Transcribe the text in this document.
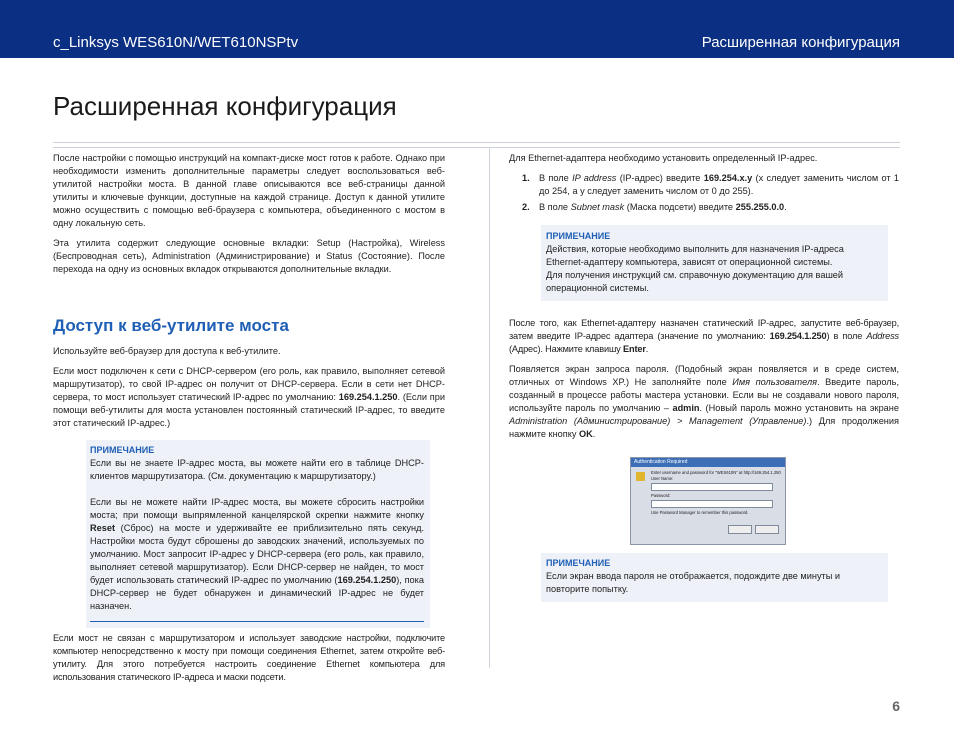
c_Linksys WES610N/WET610NSPtv	Расширенная конфигурация
Расширенная конфигурация

После настройки с помощью инструкций на компакт-диске мост готов к работе. Однако при необходимости изменить дополнительные параметры следует воспользоваться веб-утилитой настройки моста. В данной главе описываются все веб-страницы данной утилиты и ключевые функции, доступные на каждой странице. Доступ к данной утилите можно осуществить с помощью веб-браузера с компьютера, объединенного с мостом в одну локальную сеть.

Эта утилита содержит следующие основные вкладки: Setup (Настройка), Wireless (Беспроводная сеть), Administration (Администрирование) и Status (Состояние). После перехода на одну из основных вкладок открываются дополнительные вкладки.

Доступ к веб-утилите моста

Используйте веб-браузер для доступа к веб-утилите.

Если мост подключен к сети с DHCP-сервером (его роль, как правило, выполняет сетевой маршрутизатор), то свой IP-адрес он получит от DHCP-сервера. Если в сети нет DHCP-сервера, то мост использует статический IP-адрес по умолчанию: 169.254.1.250. (Если при помощи веб-утилиты для моста установлен постоянный статический IP-адрес, то введите этот статический IP-адрес.)

ПРИМЕЧАНИЕ

Если вы не знаете IP-адрес моста, вы можете найти его в таблице DHCP-клиентов маршрутизатора. (См. документацию к маршрутизатору.)

Если вы не можете найти IP-адрес моста, вы можете сбросить настройки моста; при помощи выпрямленной канцелярской скрепки нажмите кнопку Reset (Сброс) на мосте и удерживайте ее приблизительно пять секунд. Настройки моста будут сброшены до заводских значений, используемых по умолчанию. Мост запросит IP-адрес у DHCP-сервера (его роль, как правило, выполняет сетевой маршрутизатор). Если DHCP-сервер не найден, то мост будет использовать статический IP-адрес по умолчанию (169.254.1.250), пока DHCP-сервер не будет обнаружен и динамический IP-адрес не будет назначен.

Если мост не связан с маршрутизатором и использует заводские настройки, подключите компьютер непосредственно к мосту при помощи соединения Ethernet, затем откройте веб-утилиту. Для этого потребуется настроить соединение Ethernet компьютера для использования статического IP-адреса и маски подсети.

Для Ethernet-адаптера необходимо установить определенный IP-адрес.

1. В поле IP address (IP-адрес) введите 169.254.x.y (x следует заменить числом от 1 до 254, а y следует заменить числом от 0 до 255).
2. В поле Subnet mask (Маска подсети) введите 255.255.0.0.
ПРИМЕЧАНИЕ

Действия, которые необходимо выполнить для назначения IP-адреса Ethernet-адаптеру компьютера, зависят от операционной системы.

Для получения инструкций см. справочную документацию для вашей операционной системы.

После того, как Ethernet-адаптеру назначен статический IP-адрес, запустите веб-браузер, затем введите IP-адрес адаптера (значение по умолчанию: 169.254.1.250) в поле Address (Адрес). Нажмите клавишу Enter.

Появляется экран запроса пароля. (Подобный экран появляется и в среде систем, отличных от Windows XP.) Не заполняйте поле Имя пользователя. Введите пароль, созданный в процессе работы мастера установки. Если вы не создавали нового пароля, используйте пароль по умолчанию – admin. (Новый пароль можно установить на экране Administration (Администрирование) > Management (Управление).) Для продолжения нажмите кнопку OK.

Authentication Required
Enter username and password for "WES610N" at http://169.254.1.250
User Name:
Password:
Use Password Manager to remember this password.
ПРИМЕЧАНИЕ

Если экран ввода пароля не отображается, подождите две минуты и повторите попытку.

6
